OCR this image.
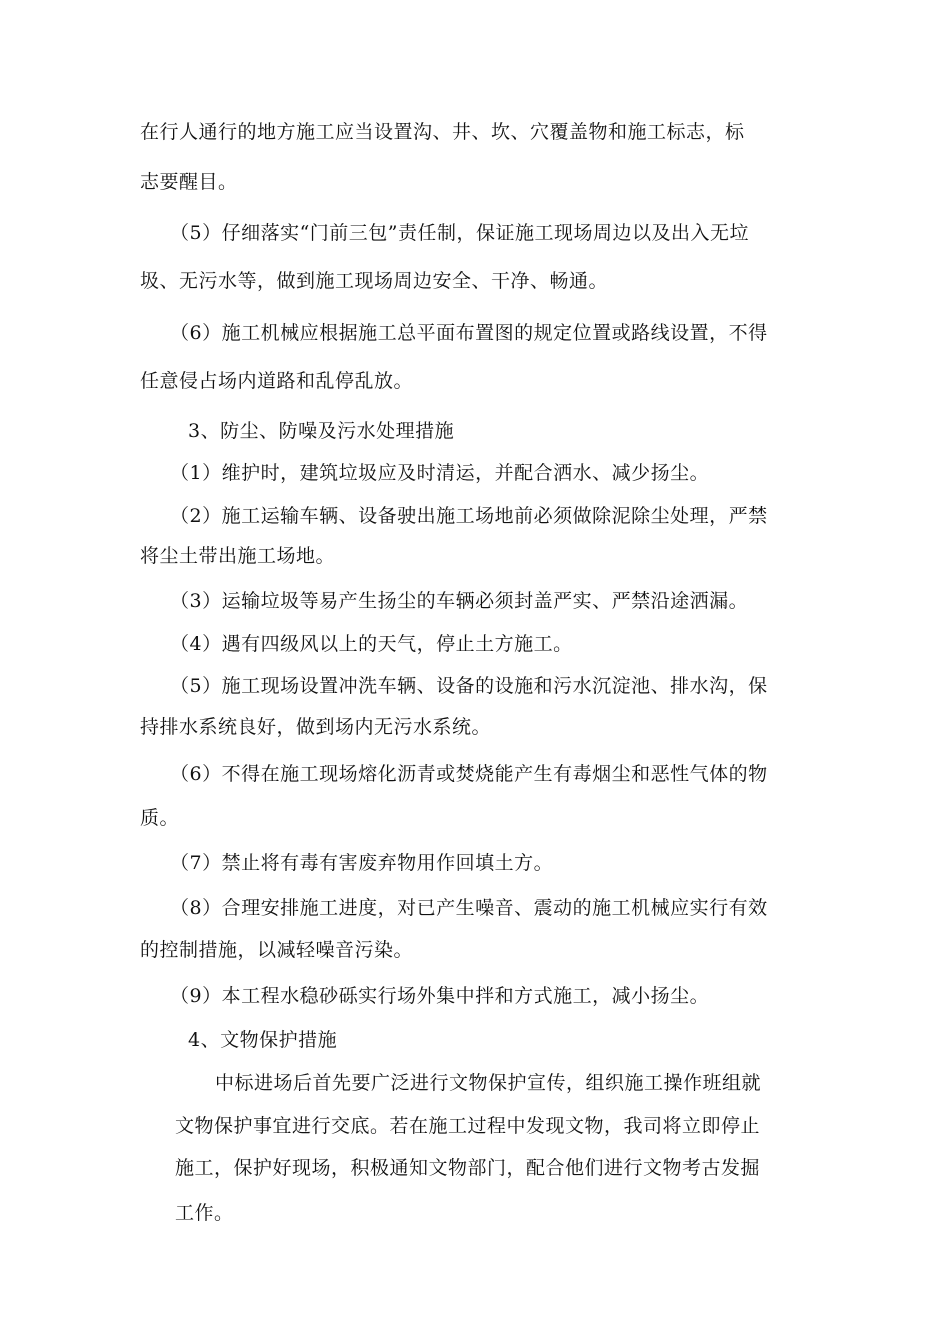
在行人通行的地方施工应当设置沟、井、坎、穴覆盖物和施工标志，标
志要醒目。
（5）仔细落实“门前三包”责任制，保证施工现场周边以及出入无垃
圾、无污水等，做到施工现场周边安全、干净、畅通。
（6）施工机械应根据施工总平面布置图的规定位置或路线设置，不得
任意侵占场内道路和乱停乱放。
3、防尘、防噪及污水处理措施
（1）维护时，建筑垃圾应及时清运，并配合洒水、减少扬尘。
（2）施工运输车辆、设备驶出施工场地前必须做除泥除尘处理，严禁
将尘土带出施工场地。
（3）运输垃圾等易产生扬尘的车辆必须封盖严实、严禁沿途洒漏。
（4）遇有四级风以上的天气，停止土方施工。
（5）施工现场设置冲洗车辆、设备的设施和污水沉淀池、排水沟，保
持排水系统良好，做到场内无污水系统。
（6）不得在施工现场熔化沥青或焚烧能产生有毒烟尘和恶性气体的物
质。
（7）禁止将有毒有害废弃物用作回填土方。
（8）合理安排施工进度，对已产生噪音、震动的施工机械应实行有效
的控制措施，以减轻噪音污染。
（9）本工程水稳砂砾实行场外集中拌和方式施工，减小扬尘。
4、文物保护措施
中标进场后首先要广泛进行文物保护宣传，组织施工操作班组就
文物保护事宜进行交底。若在施工过程中发现文物，我司将立即停止
施工，保护好现场，积极通知文物部门，配合他们进行文物考古发掘
工作。
